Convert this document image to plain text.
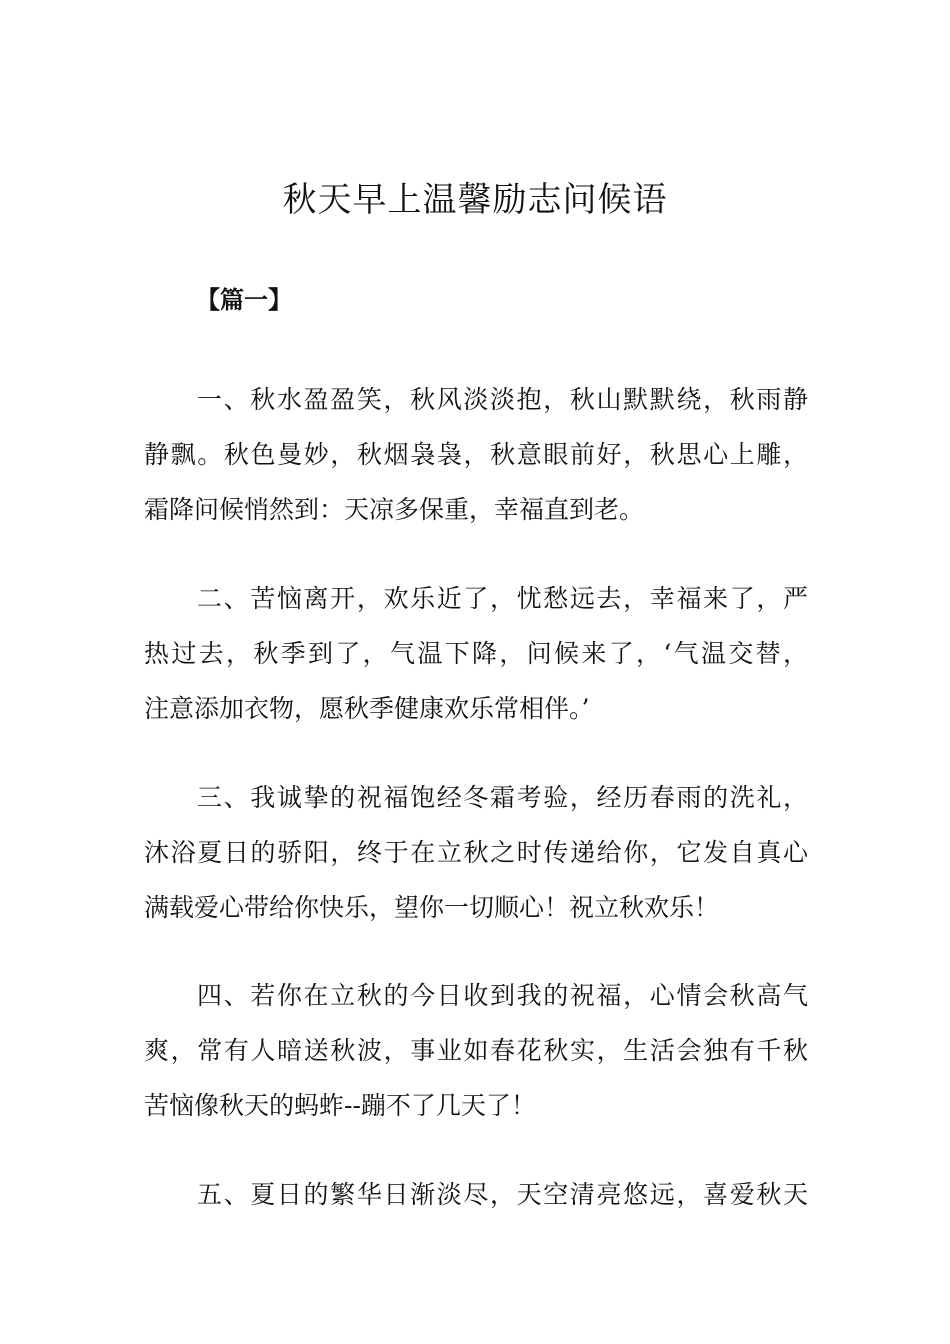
秋天早上温馨励志问候语
【篇一】
一、秋水盈盈笑，秋风淡淡抱，秋山默默绕，秋雨静
静飘。秋色曼妙，秋烟袅袅，秋意眼前好，秋思心上雕，
霜降问候悄然到：天凉多保重，幸福直到老。
二、苦恼离开，欢乐近了，忧愁远去，幸福来了，严
热过去，秋季到了，气温下降，问候来了，‘气温交替，
注意添加衣物，愿秋季健康欢乐常相伴。’
三、我诚挚的祝福饱经冬霜考验，经历春雨的洗礼，
沐浴夏日的骄阳，终于在立秋之时传递给你，它发自真心
满载爱心带给你快乐，望你一切顺心！祝立秋欢乐！
四、若你在立秋的今日收到我的祝福，心情会秋高气
爽，常有人暗送秋波，事业如春花秋实，生活会独有千秋
苦恼像秋天的蚂蚱--蹦不了几天了！
五、夏日的繁华日渐淡尽，天空清亮悠远，喜爱秋天
